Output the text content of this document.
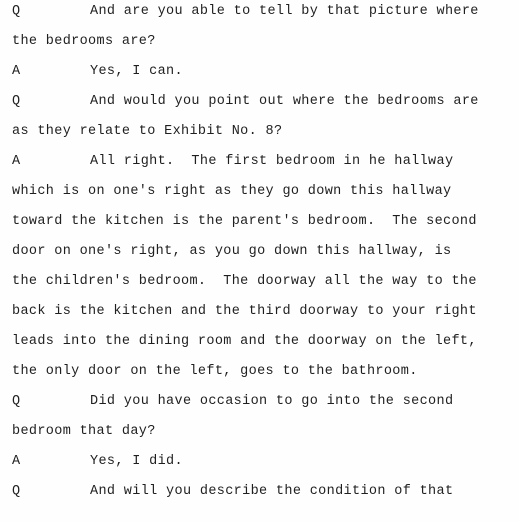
Q	And are you able to tell by that picture where
the bedrooms are?
A	Yes, I can.
Q	And would you point out where the bedrooms are
as they relate to Exhibit No. 8?
A	All right.  The first bedroom in he hallway
which is on one's right as they go down this hallway
toward the kitchen is the parent's bedroom.  The second
door on one's right, as you go down this hallway, is
the children's bedroom.  The doorway all the way to the
back is the kitchen and the third doorway to your right
leads into the dining room and the doorway on the left,
the only door on the left, goes to the bathroom.
Q	Did you have occasion to go into the second
bedroom that day?
A	Yes, I did.
Q	And will you describe the condition of that
